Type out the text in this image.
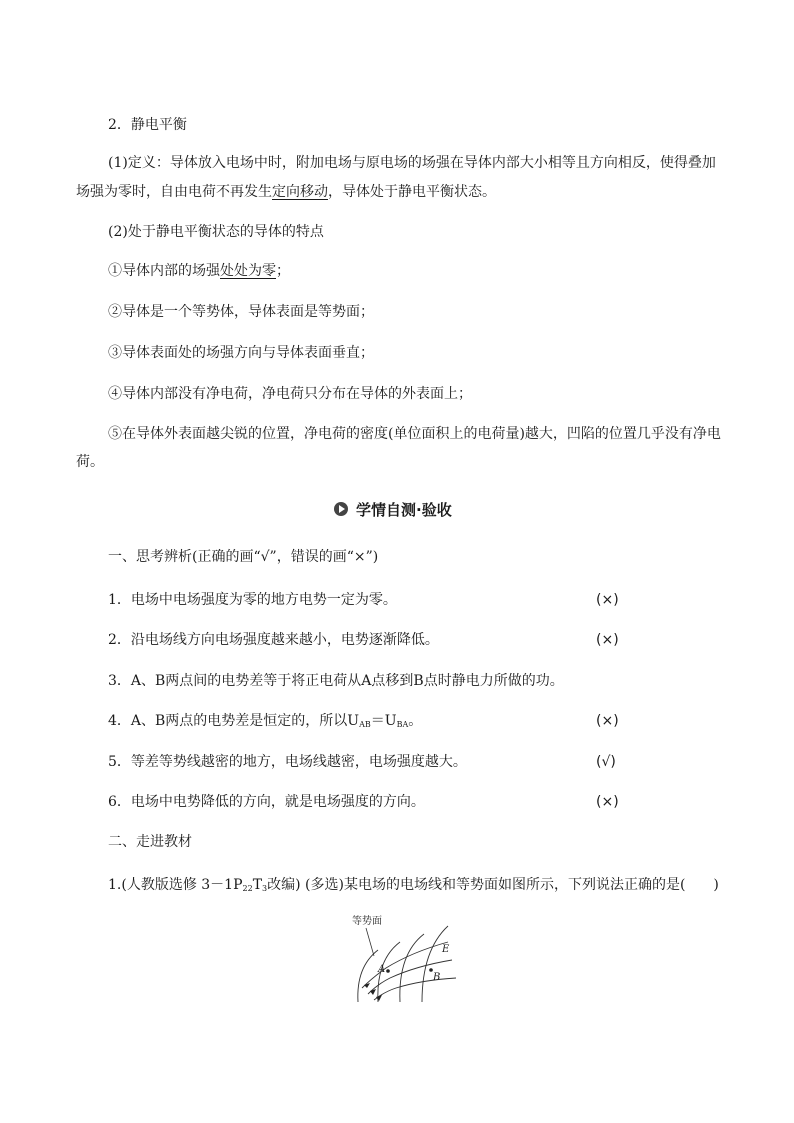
2．静电平衡
(1)定义：导体放入电场中时，附加电场与原电场的场强在导体内部大小相等且方向相反，使得叠加
场强为零时，自由电荷不再发生定向移动，导体处于静电平衡状态。
(2)处于静电平衡状态的导体的特点
①导体内部的场强处处为零；
②导体是一个等势体，导体表面是等势面；
③导体表面处的场强方向与导体表面垂直；
④导体内部没有净电荷，净电荷只分布在导体的外表面上；
⑤在导体外表面越尖锐的位置，净电荷的密度(单位面积上的电荷量)越大，凹陷的位置几乎没有净电
荷。
学情自测·验收
一、思考辨析(正确的画“√”，错误的画“×”)
1．电场中电场强度为零的地方电势一定为零。	(×)
2．沿电场线方向电场强度越来越小，电势逐渐降低。	(×)
3．A、B两点间的电势差等于将正电荷从A点移到B点时静电力所做的功。
4．A、B两点的电势差是恒定的，所以$U_{AB}=U_{BA}$。	(×)
5．等差等势线越密的地方，电场线越密，电场强度越大。	(√)
6．电场中电势降低的方向，就是电场强度的方向。	(×)
二、走进教材
1.(人教版选修 $3-1P_{22}T_3$改编) (多选)某电场的电场线和等势面如图所示，下列说法正确的是(　　)
等势面
A
B
E
